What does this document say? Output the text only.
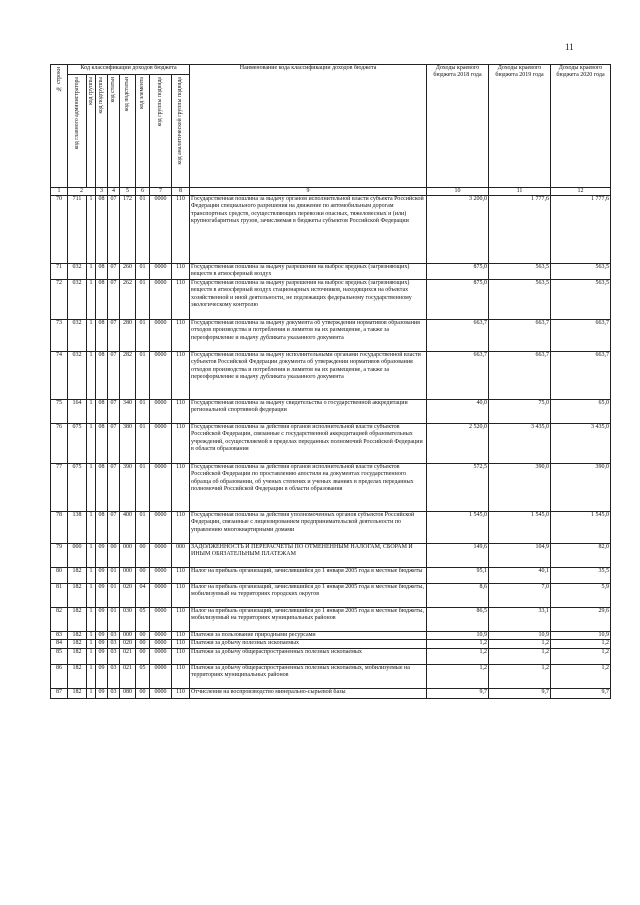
11
№ строки	Код классификации доходов бюджета								Наименование кода классификации доходов бюджета	Доходы краевого бюджета 2018 года	Доходы краевого бюджета 2019 года	Доходы краевого бюджета 2020 года

	код главного администратора	код группы	код подгруппы	код статьи	код подстатьи	код элемента	код группы подвида	код аналитической группы подвида				

1	2		3	4	5	6	7	8	9	10	11	12
70	711	1	08	07	172	01	0000	110	Государственная пошлина за выдачу органом исполнительной власти субъекта Российской Федерации специального разрешения на движение по автомобильным дорогам транспортных средств, осуществляющих перевозки опасных, тяжеловесных и (или) крупногабаритных грузов, зачисляемая в бюджеты субъектов Российской Федерации	3 200,0	1 777,6	1 777,6
71	032	1	08	07	260	01	0000	110	Государственная пошлина за выдачу разрешения на выброс вредных (загрязняющих) веществ в атмосферный воздух	875,0	563,5	563,5
72	032	1	08	07	262	01	0000	110	Государственная пошлина за выдачу разрешения на выброс вредных (загрязняющих) веществ в атмосферный воздух стационарных источников, находящихся на объектах хозяйственной и иной деятельности, не подлежащих федеральному государственному экологическому контролю	875,0	563,5	563,5
73	032	1	08	07	280	01	0000	110	Государственная пошлина за выдачу документа об утверждении нормативов образования отходов производства и потребления и лимитов на их размещение, а также за переоформление и выдачу дубликата указанного документа	663,7	663,7	663,7
74	032	1	08	07	282	01	0000	110	Государственная пошлина за выдачу исполнительными органами государственной власти субъектов Российской Федерации документа об утверждении нормативов образования отходов производства и потребления и лимитов на их размещение, а также за переоформление и выдачу дубликата указанного документа	663,7	663,7	663,7
75	164	1	08	07	340	01	0000	110	Государственная пошлина за выдачу свидетельства о государственной аккредитации региональной спортивной федерации	40,0	75,0	65,0
76	075	1	08	07	380	01	0000	110	Государственная пошлина за действия органов исполнительной власти субъектов Российской Федерации, связанные с государственной аккредитацией образовательных учреждений, осуществляемой в пределах переданных полномочий Российской Федерации в области образования	2 520,0	3 435,0	3 435,0
77	075	1	08	07	390	01	0000	110	Государственная пошлина за действия органов исполнительной власти субъектов Российской Федерации по проставлению апостиля на документах государственного образца об образовании, об ученых степенях и ученых званиях в пределах переданных полномочий Российской Федерации в области образования	572,5	390,0	390,0
78	138	1	08	07	400	01	0000	110	Государственная пошлина за действия уполномоченных органов субъектов Российской Федерации, связанные с лицензированием предпринимательской деятельности по управлению многоквартирными домами	1 545,0	1 545,0	1 545,0
79	000	1	09	00	000	00	0000	000	ЗАДОЛЖЕННОСТЬ И ПЕРЕРАСЧЕТЫ ПО ОТМЕНЕННЫМ НАЛОГАМ, СБОРАМ И ИНЫМ ОБЯЗАТЕЛЬНЫМ ПЛАТЕЖАМ	149,6	104,9	82,0
80	182	1	09	01	000	00	0000	110	Налог на прибыль организаций, зачислявшийся до 1 января 2005 года в местные бюджеты	95,1	40,1	35,5
81	182	1	09	01	020	04	0000	110	Налог на прибыль организаций, зачислявшийся до 1 января 2005 года в местные бюджеты, мобилизуемый на территориях городских округов	8,6	7,0	5,9
82	182	1	09	01	030	05	0000	110	Налог на прибыль организаций, зачислявшийся до 1 января 2005 года в местные бюджеты, мобилизуемый на территориях муниципальных районов	86,5	33,1	29,6
83	182	1	09	03	000	00	0000	110	Платежи за пользование природными ресурсами	10,9	10,9	10,9
84	182	1	09	03	020	00	0000	110	Платежи за добычу полезных ископаемых	1,2	1,2	1,2
85	182	1	09	03	021	00	0000	110	Платежи за добычу общераспространенных полезных ископаемых	1,2	1,2	1,2
86	182	1	09	03	021	05	0000	110	Платежи за добычу общераспространенных полезных ископаемых, мобилизуемые на территориях муниципальных районов	1,2	1,2	1,2
87	182	1	09	03	080	00	0000	110	Отчисления на воспроизводство минерально-сырьевой базы	9,7	9,7	9,7
